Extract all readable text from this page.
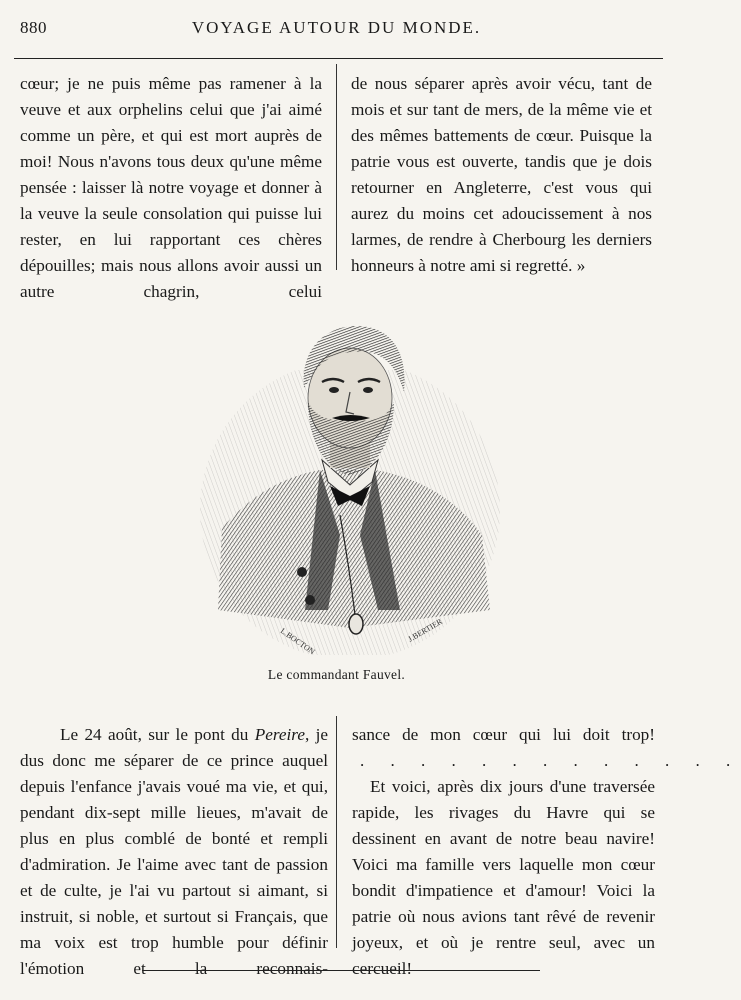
880	VOYAGE AUTOUR DU MONDE.

cœur; je ne puis même pas ramener à la veuve et aux orphelins celui que j'ai aimé comme un père, et qui est mort auprès de moi! Nous n'avons tous deux qu'une même pensée : laisser là notre voyage et donner à la veuve la seule consolation qui puisse lui rester, en lui rapportant ces chères dépouilles; mais nous allons avoir aussi un autre chagrin, celui

de nous séparer après avoir vécu, tant de mois et sur tant de mers, de la même vie et des mêmes battements de cœur. Puisque la patrie vous est ouverte, tandis que je dois retourner en Angleterre, c'est vous qui aurez du moins cet adoucissement à nos larmes, de rendre à Cherbourg les derniers honneurs à notre ami si regretté. »

L.BOCTON	J.BERTIER
Le commandant Fauvel.

Le 24 août, sur le pont du Pereire, je dus donc me séparer de ce prince auquel depuis l'enfance j'avais voué ma vie, et qui, pendant dix-sept mille lieues, m'avait de plus en plus comblé de bonté et rempli d'admiration. Je l'aime avec tant de passion et de culte, je l'ai vu partout si aimant, si instruit, si noble, et surtout si Français, que ma voix est trop humble pour définir l'émotion et la reconnais-

sance de mon cœur qui lui doit trop!

. . . . . . . . . . . . .

Et voici, après dix jours d'une traversée rapide, les rivages du Havre qui se dessinent en avant de notre beau navire! Voici ma famille vers laquelle mon cœur bondit d'impatience et d'amour! Voici la patrie où nous avions tant rêvé de revenir joyeux, et où je rentre seul, avec un cercueil!
